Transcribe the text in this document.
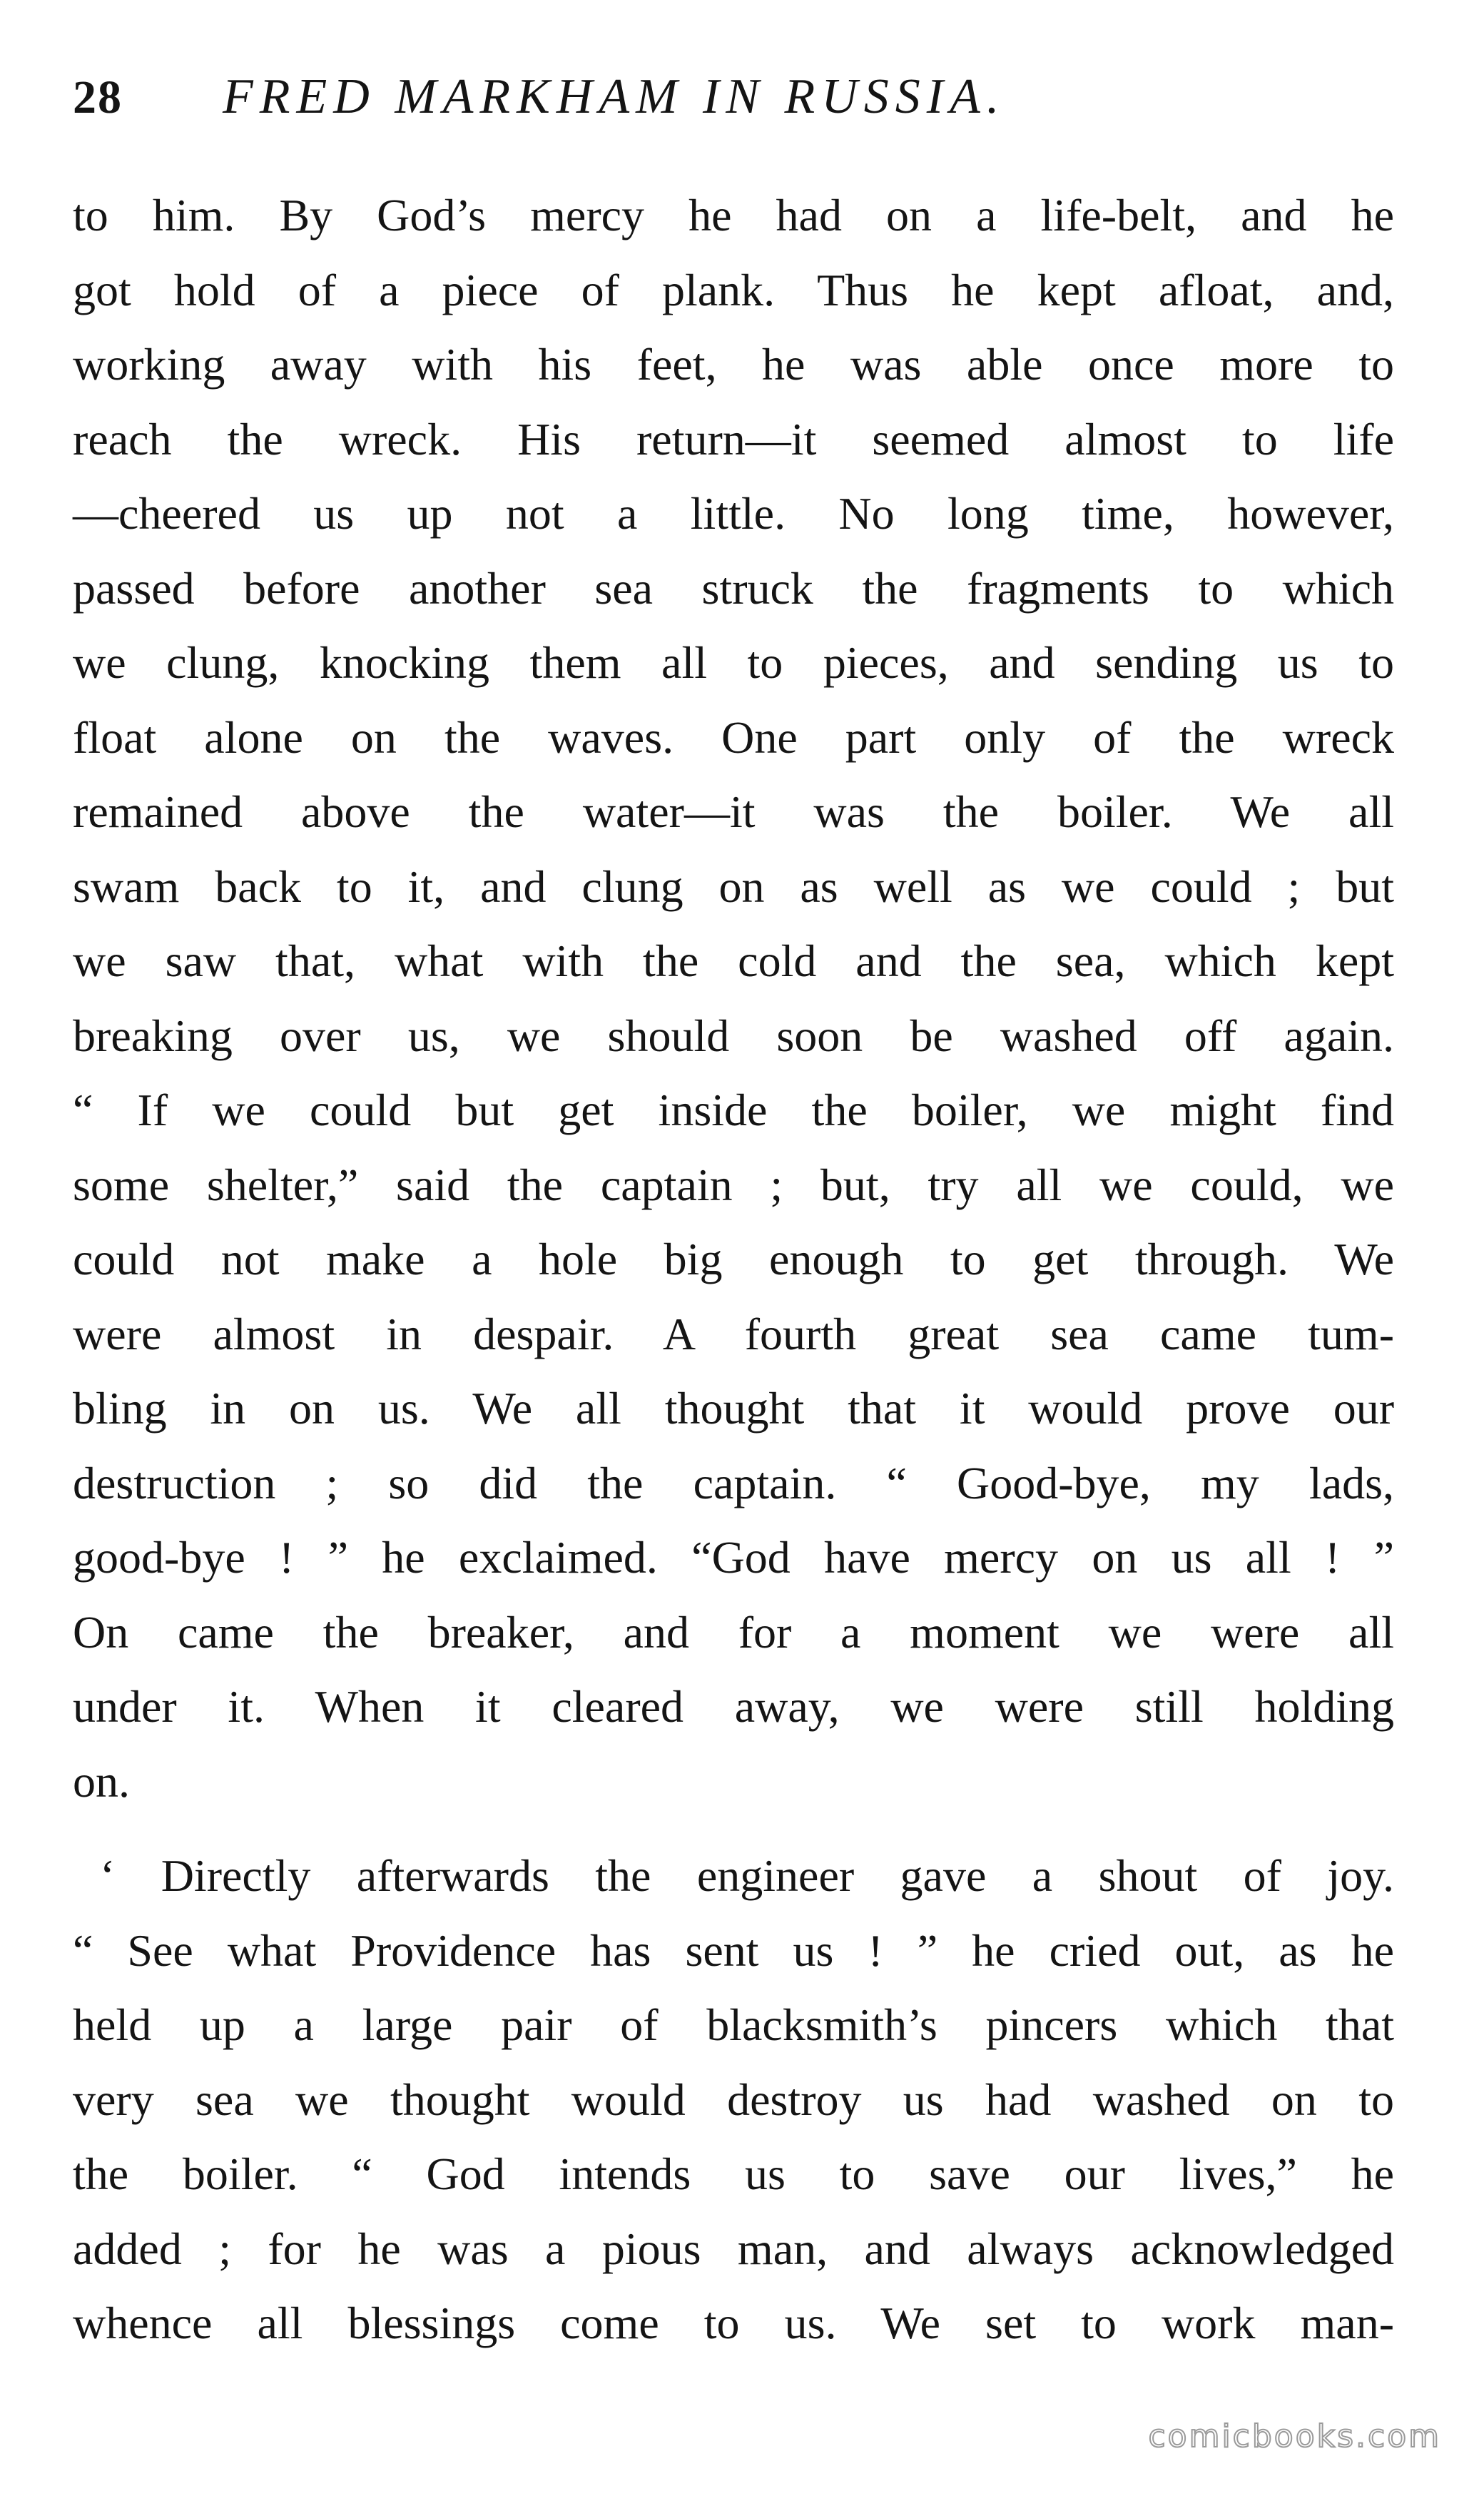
28 FRED MARKHAM IN RUSSIA.
to him. By God’s mercy he had on a life-belt, and he
got hold of a piece of plank. Thus he kept afloat, and,
working away with his feet, he was able once more to
reach the wreck. His return—it seemed almost to life
—cheered us up not a little. No long time, however,
passed before another sea struck the fragments to which
we clung, knocking them all to pieces, and sending us to
float alone on the waves. One part only of the wreck
remained above the water—it was the boiler. We all
swam back to it, and clung on as well as we could ; but
we saw that, what with the cold and the sea, which kept
breaking over us, we should soon be washed off again.
“ If we could but get inside the boiler, we might find
some shelter,” said the captain ; but, try all we could, we
could not make a hole big enough to get through. We
were almost in despair. A fourth great sea came tum-
bling in on us. We all thought that it would prove our
destruction ; so did the captain. “ Good-bye, my lads,
good-bye ! ” he exclaimed. “God have mercy on us all ! ”
On came the breaker, and for a moment we were all
under it. When it cleared away, we were still holding
on.
‘ Directly afterwards the engineer gave a shout of joy.
“ See what Providence has sent us ! ” he cried out, as he
held up a large pair of blacksmith’s pincers which that
very sea we thought would destroy us had washed on to
the boiler. “ God intends us to save our lives,” he
added ; for he was a pious man, and always acknowledged
whence all blessings come to us. We set to work man-
comicbooks.com
